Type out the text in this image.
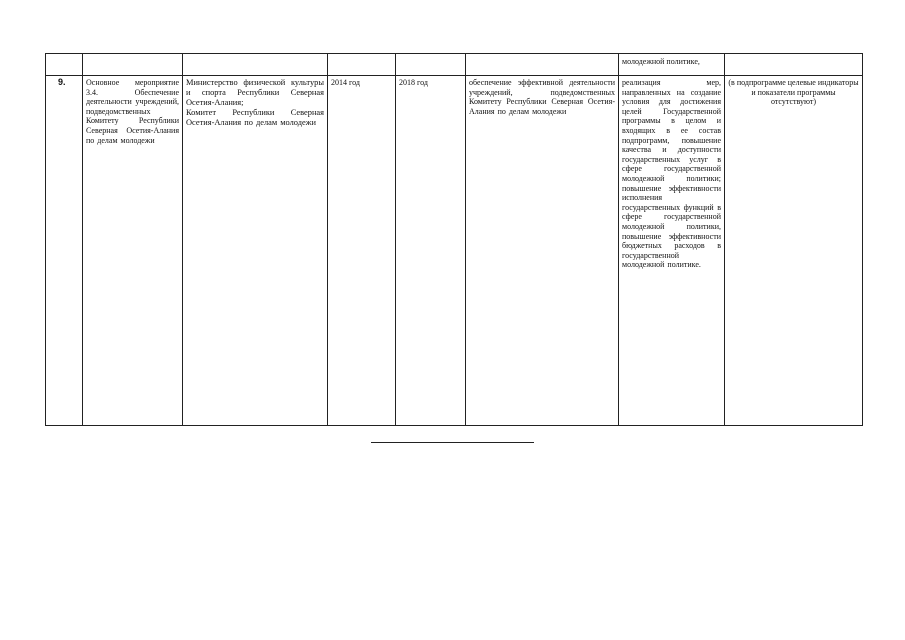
						молодежной политике,	

9.	Основное мероприятие 3.4. Обеспечение деятельности учреждений, подведомственных Комитету Республики Северная Осетия-Алания по делам молодежи	Министерство физической культуры и спорта Республики Северная Осетия-Алания;
Комитет Республики Северная Осетия-Алания по делам молодежи	2014 год	2018 год	обеспечение эффективной деятельности учреждений, подведомственных Комитету Республики Северная Осетия-Алания по делам молодежи	реализация мер, направленных на создание условия для достижения целей Государственной программы в целом и входящих в ее состав подпрограмм, повышение качества и доступности государственных услуг в сфере государственной молодежной политики; повышение эффективности исполнения государственных функций в сфере государственной молодежной политики, повышение эффективности бюджетных расходов в государственной молодежной политике.	(в подпрограмме целевые индикаторы и показатели программы отсутствуют)
